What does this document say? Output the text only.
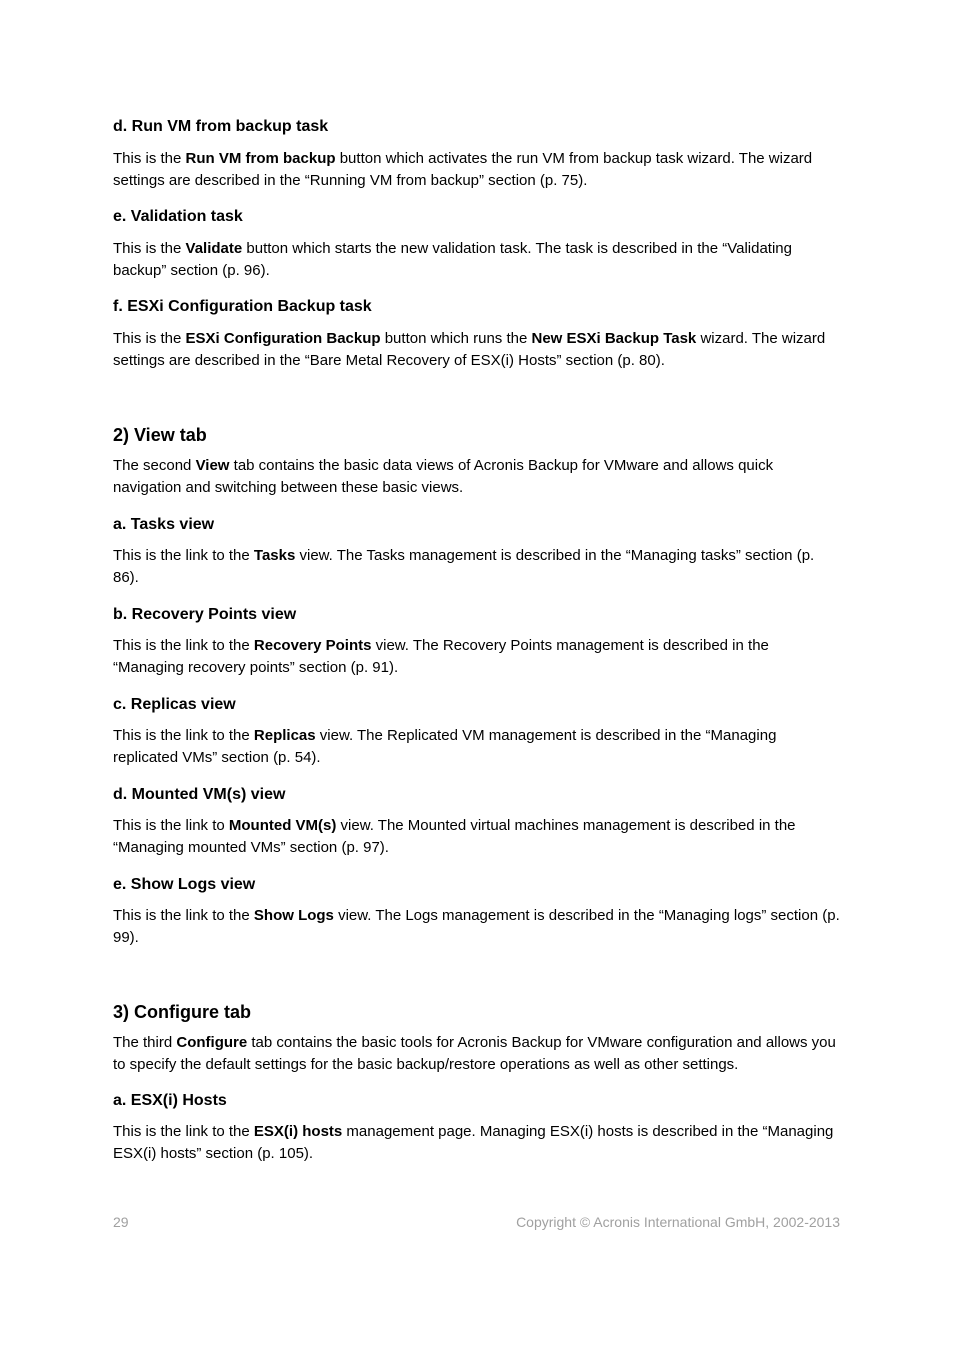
d. Run VM from backup task

This is the Run VM from backup button which activates the run VM from backup task wizard. The wizard settings are described in the “Running VM from backup” section (p. 75).

e. Validation task

This is the Validate button which starts the new validation task. The task is described in the “Validating backup” section (p. 96).

f. ESXi Configuration Backup task

This is the ESXi Configuration Backup button which runs the New ESXi Backup Task wizard. The wizard settings are described in the “Bare Metal Recovery of ESX(i) Hosts” section (p. 80).

2) View tab

The second View tab contains the basic data views of Acronis Backup for VMware and allows quick navigation and switching between these basic views.

a. Tasks view

This is the link to the Tasks view. The Tasks management is described in the “Managing tasks” section (p. 86).

b. Recovery Points view

This is the link to the Recovery Points view. The Recovery Points management is described in the “Managing recovery points” section (p. 91).

c. Replicas view

This is the link to the Replicas view. The Replicated VM management is described in the “Managing replicated VMs” section (p. 54).

d. Mounted VM(s) view

This is the link to Mounted VM(s) view. The Mounted virtual machines management is described in the “Managing mounted VMs” section (p. 97).

e. Show Logs view

This is the link to the Show Logs view. The Logs management is described in the “Managing logs” section (p. 99).

3) Configure tab

The third Configure tab contains the basic tools for Acronis Backup for VMware configuration and allows you to specify the default settings for the basic backup/restore operations as well as other settings.

a. ESX(i) Hosts

This is the link to the ESX(i) hosts management page. Managing ESX(i) hosts is described in the “Managing ESX(i) hosts” section (p. 105).

29	Copyright © Acronis International GmbH, 2002-2013
